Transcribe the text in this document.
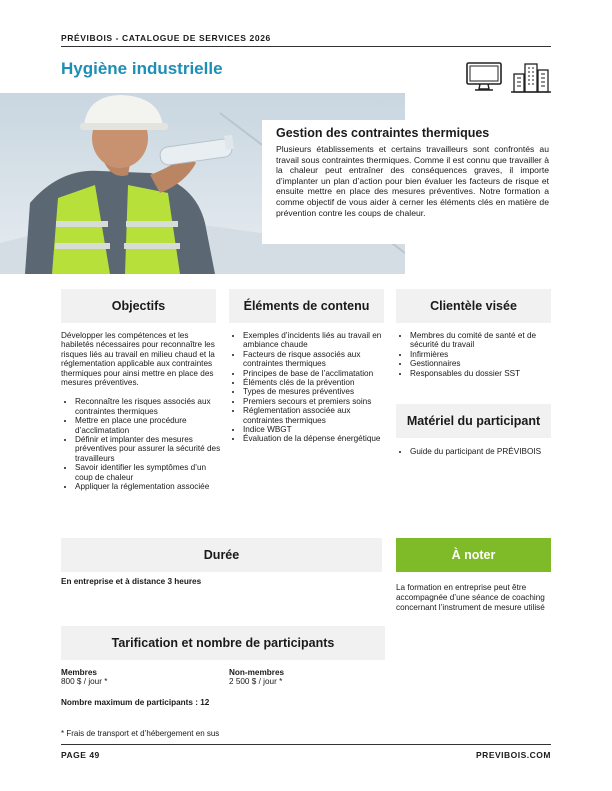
PRÉVIBOIS - CATALOGUE DE SERVICES 2026
Hygiène industrielle
Gestion des contraintes thermiques

Plusieurs établissements et certains travailleurs sont confrontés au travail sous contraintes thermiques. Comme il est connu que travailler à la chaleur peut entraîner des conséquences graves, il importe d’implanter un plan d’action pour bien évaluer les facteurs de risque et ensuite mettre en place des mesures préventives. Notre formation a comme objectif de vous aider à cerner les éléments clés en matière de prévention contre les coups de chaleur.

Objectifs

Développer les compétences et les habiletés nécessaires pour reconnaître les risques liés au travail en milieu chaud et la réglementation applicable aux contraintes thermiques pour ainsi mettre en place des mesures préventives.

• Reconnaître les risques associés aux contraintes thermiques
• Mettre en place une procédure d’acclimatation
• Définir et implanter des mesures préventives pour assurer la sécurité des travailleurs
• Savoir identifier les symptômes d’un coup de chaleur
• Appliquer la réglementation associée
Éléments de contenu
• Exemples d’incidents liés au travail en ambiance chaude
• Facteurs de risque associés aux contraintes thermiques
• Principes de base de l’acclimatation
• Éléments clés de la prévention
• Types de mesures préventives
• Premiers secours et premiers soins
• Réglementation associée aux contraintes thermiques
• Indice WBGT
• Évaluation de la dépense énergétique
Clientèle visée
• Membres du comité de santé et de sécurité du travail
• Infirmières
• Gestionnaires
• Responsables du dossier SST
Matériel du participant
• Guide du participant de PRÉVIBOIS
Durée	À noter
En entreprise et à distance 3 heures
La formation en entreprise peut être accompagnée d’une séance de coaching concernant l’instrument de mesure utilisé
Tarification et nombre de participants
Membres
800 $ / jour *
Non-membres
2 500 $ / jour *
Nombre maximum de participants : 12
* Frais de transport et d’hébergement en sus
PAGE 49	PREVIBOIS.COM
